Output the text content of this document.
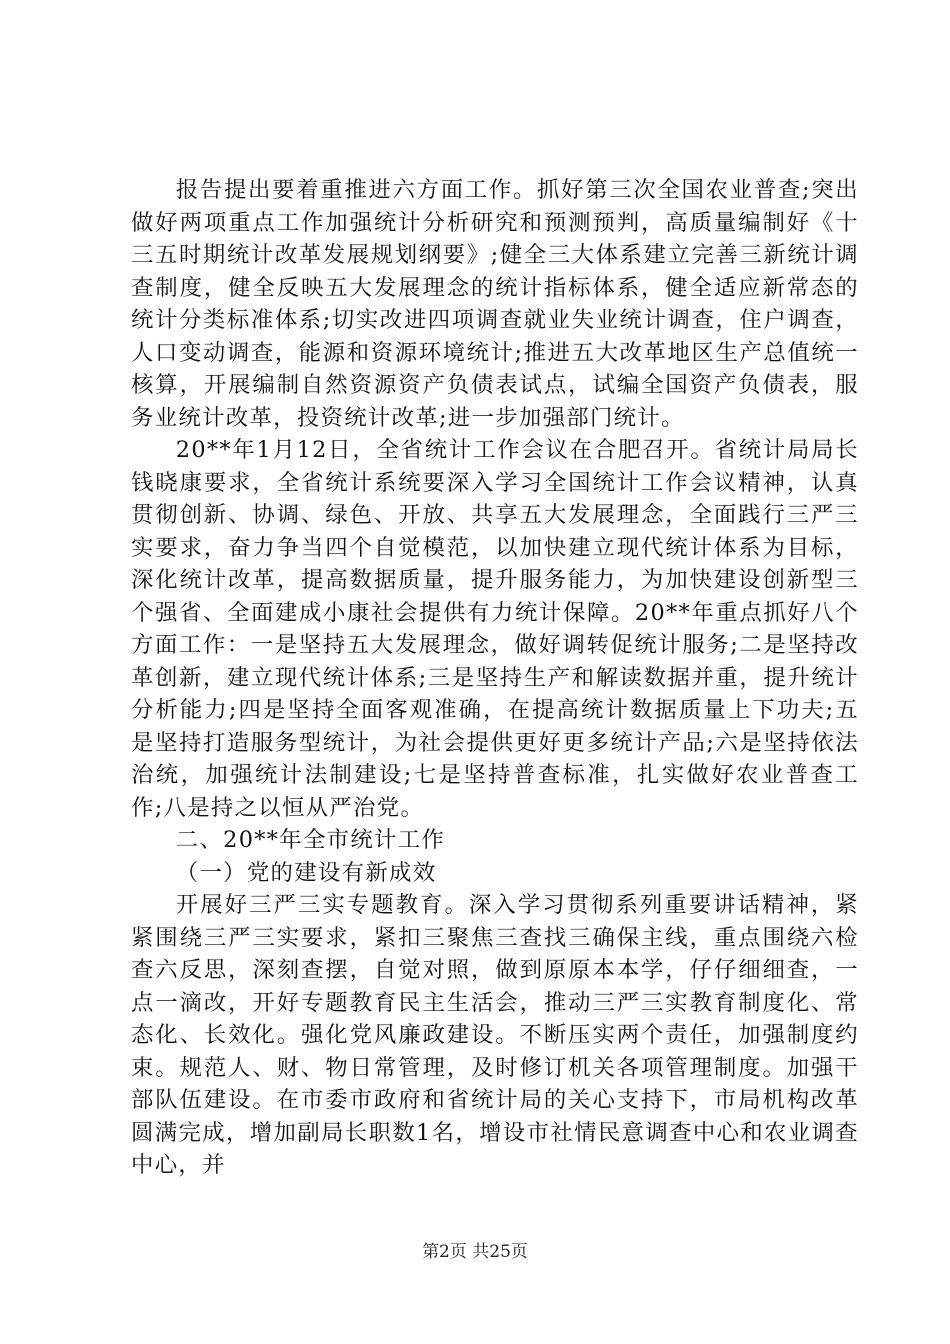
报告提出要着重推进六方面工作。抓好第三次全国农业普查;突出做好两项重点工作加强统计分析研究和预测预判，高质量编制好《十三五时期统计改革发展规划纲要》;健全三大体系建立完善三新统计调查制度，健全反映五大发展理念的统计指标体系，健全适应新常态的统计分类标准体系;切实改进四项调查就业失业统计调查，住户调查，人口变动调查，能源和资源环境统计;推进五大改革地区生产总值统一核算，开展编制自然资源资产负债表试点，试编全国资产负债表，服务业统计改革，投资统计改革;进一步加强部门统计。

20**年1月12日，全省统计工作会议在合肥召开。省统计局局长钱晓康要求，全省统计系统要深入学习全国统计工作会议精神，认真贯彻创新、协调、绿色、开放、共享五大发展理念，全面践行三严三实要求，奋力争当四个自觉模范，以加快建立现代统计体系为目标，深化统计改革，提高数据质量，提升服务能力，为加快建设创新型三个强省、全面建成小康社会提供有力统计保障。20**年重点抓好八个方面工作：一是坚持五大发展理念，做好调转促统计服务;二是坚持改革创新，建立现代统计体系;三是坚持生产和解读数据并重，提升统计分析能力;四是坚持全面客观准确，在提高统计数据质量上下功夫;五是坚持打造服务型统计，为社会提供更好更多统计产品;六是坚持依法治统，加强统计法制建设;七是坚持普查标准，扎实做好农业普查工作;八是持之以恒从严治党。

二、20**年全市统计工作

（一）党的建设有新成效

开展好三严三实专题教育。深入学习贯彻系列重要讲话精神，紧紧围绕三严三实要求，紧扣三聚焦三查找三确保主线，重点围绕六检查六反思，深刻查摆，自觉对照，做到原原本本学，仔仔细细查，一点一滴改，开好专题教育民主生活会，推动三严三实教育制度化、常态化、长效化。强化党风廉政建设。不断压实两个责任，加强制度约束。规范人、财、物日常管理，及时修订机关各项管理制度。加强干部队伍建设。在市委市政府和省统计局的关心支持下，市局机构改革圆满完成，增加副局长职数1名，增设市社情民意调查中心和农业调查中心，并

第2页 共25页
